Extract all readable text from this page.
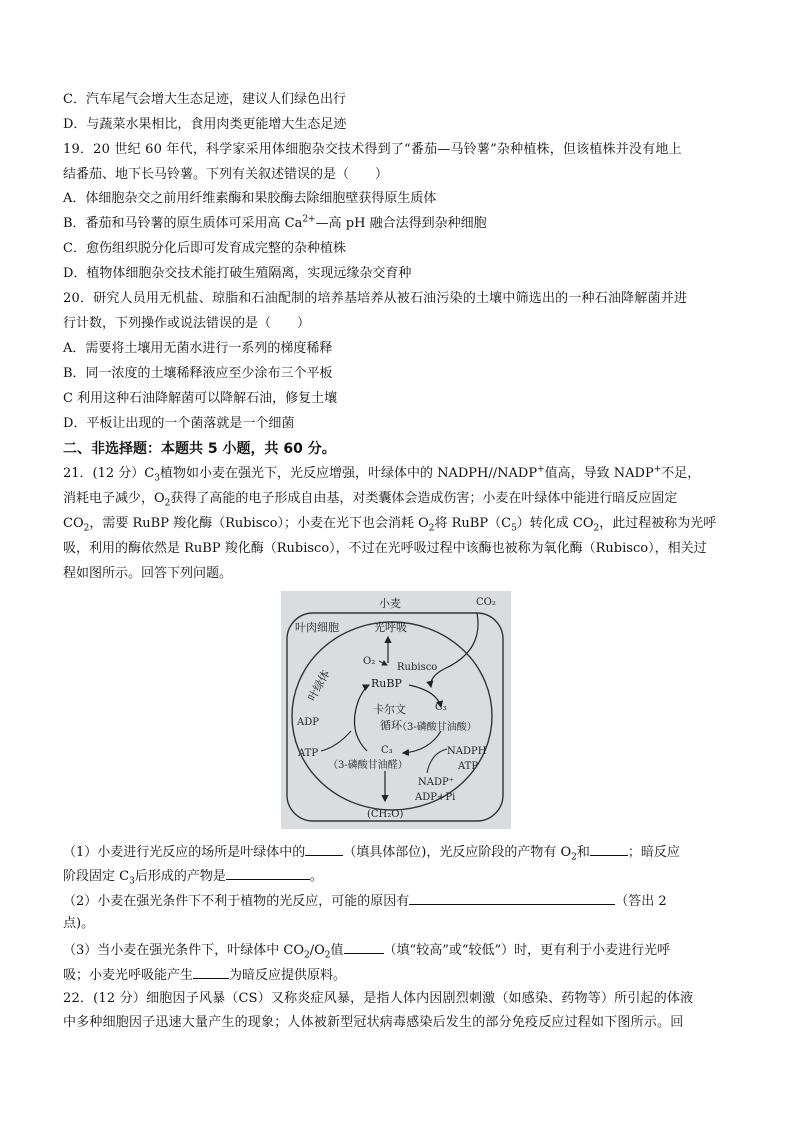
C．汽车尾气会增大生态足迹，建议人们绿色出行
D．与蔬菜水果相比，食用肉类更能增大生态足迹
19．20 世纪 60 年代，科学家采用体细胞杂交技术得到了“番茄—马铃薯”杂种植株，但该植株并没有地上
结番茄、地下长马铃薯。下列有关叙述错误的是（　　）
A．体细胞杂交之前用纤维素酶和果胶酶去除细胞壁获得原生质体
B．番茄和马铃薯的原生质体可采用高 $Ca^{2+}—$高 pH 融合法得到杂种细胞
C．愈伤组织脱分化后即可发育成完整的杂种植株
D．植物体细胞杂交技术能打破生殖隔离，实现远缘杂交育种
20．研究人员用无机盐、琼脂和石油配制的培养基培养从被石油污染的土壤中筛选出的一种石油降解菌并进
行计数，下列操作或说法错误的是（　　）
A．需要将土壤用无菌水进行一系列的梯度稀释
B．同一浓度的土壤稀释液应至少涂布三个平板
C 利用这种石油降解菌可以降解石油，修复土壤
D．平板让出现的一个菌落就是一个细菌
二、非选择题：本题共 5 小题，共 60 分。
21．(12 分）$C_3$植物如小麦在强光下，光反应增强，叶绿体中的 NADPH//NADP+值高，导致 NADP+不足，
消耗电子减少，$O_2$获得了高能的电子形成自由基，对类囊体会造成伤害；小麦在叶绿体中能进行暗反应固定
$CO_2$，需要 RuBP 羧化酶（Rubisco）；小麦在光下也会消耗 $O_2$将 $RuBP(C_5)$转化成 $CO_2$，此过程被称为光呼
吸，利用的酶依然是 RuBP 羧化酶（Rubisco），不过在光呼吸过程中该酶也被称为氧化酶（Rubisco），相关过
程如图所示。回答下列问题。
小麦
叶肉细胞	光呼吸
CO₂
叶绿体
O₂
Rubisco
RuBP
卡尔文
循环
C₃
（3-磷酸甘油酸）
C₃
（3-磷酸甘油醛）
ADP
ATP	NADPH
ATP
NADP⁺
ADP+Pi
(CH₂O)
（1）小麦进行光反应的场所是叶绿体中的	（填具体部位)，光反应阶段的产物有 $O_2$和	；暗反应
阶段固定 $C_3$后形成的产物是	。
（2）小麦在强光条件下不利于植物的光反应，可能的原因有	（答出 2
点)。
（3）当小麦在强光条件下，叶绿体中 $CO_2/O_2$值	（填“较高”或“较低”）时，更有利于小麦进行光呼
吸；小麦光呼吸能产生	为暗反应提供原料。
22．(12 分）细胞因子风暴（CS）又称炎症风暴，是指人体内因剧烈刺激（如感染、药物等）所引起的体液
中多种细胞因子迅速大量产生的现象；人体被新型冠状病毒感染后发生的部分免疫反应过程如下图所示。回
